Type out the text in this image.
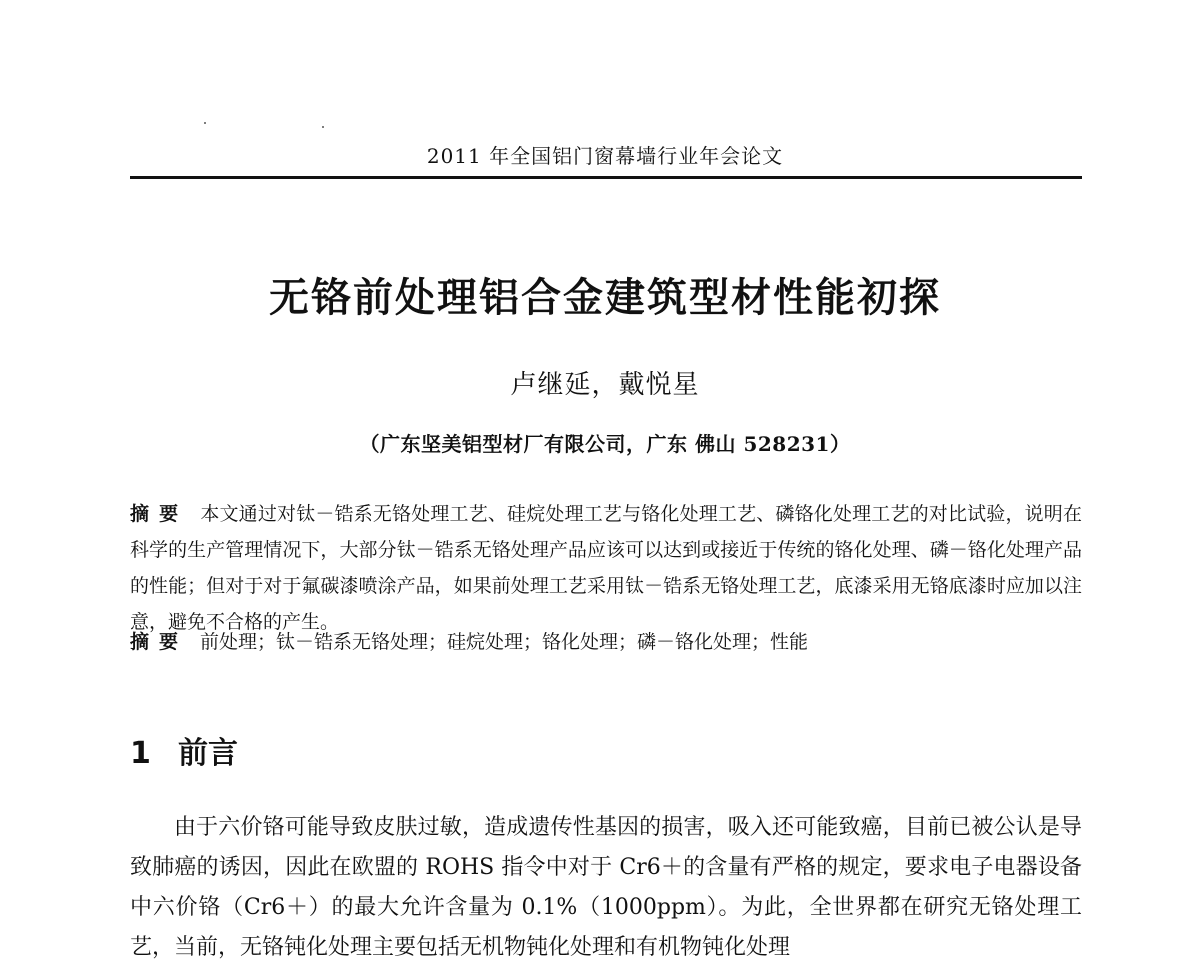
2011 年全国铝门窗幕墙行业年会论文
无铬前处理铝合金建筑型材性能初探
卢继延，戴悦星
（广东坚美铝型材厂有限公司，广东 佛山 528231）
摘要 本文通过对钛－锆系无铬处理工艺、硅烷处理工艺与铬化处理工艺、磷铬化处理工艺的对比试验，说明在科学的生产管理情况下，大部分钛－锆系无铬处理产品应该可以达到或接近于传统的铬化处理、磷－铬化处理产品的性能；但对于对于氟碳漆喷涂产品，如果前处理工艺采用钛－锆系无铬处理工艺，底漆采用无铬底漆时应加以注意，避免不合格的产生。
摘要 前处理；钛－锆系无铬处理；硅烷处理；铬化处理；磷－铬化处理；性能
1 前言

由于六价铬可能导致皮肤过敏，造成遗传性基因的损害，吸入还可能致癌，目前已被公认是导致肺癌的诱因，因此在欧盟的 ROHS 指令中对于 Cr6＋的含量有严格的规定，要求电子电器设备中六价铬（Cr6＋）的最大允许含量为 0.1%（1000ppm）。为此，全世界都在研究无铬处理工艺，当前，无铬钝化处理主要包括无机物钝化处理和有机物钝化处理
